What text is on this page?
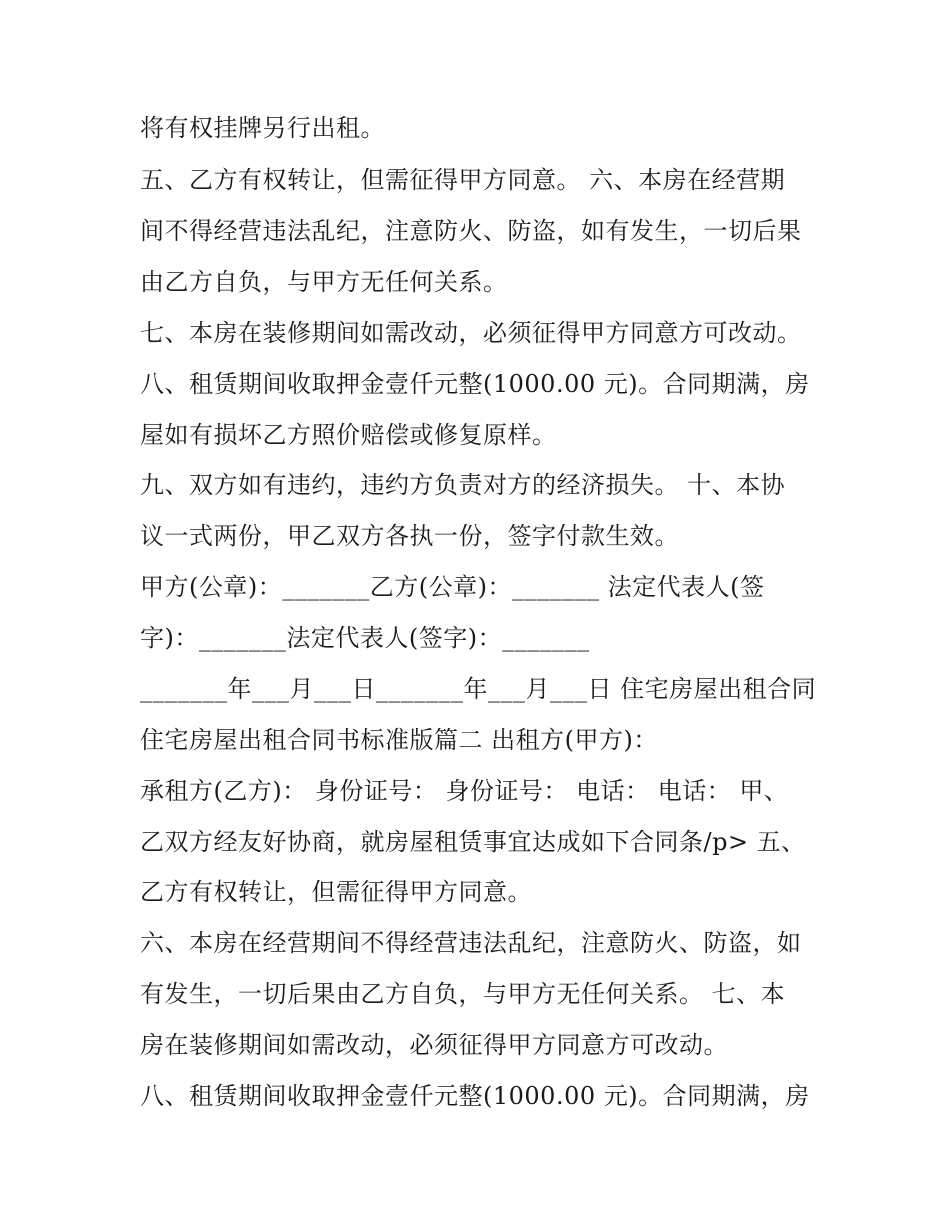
将有权挂牌另行出租。
五、乙方有权转让，但需征得甲方同意。 六、本房在经营期
间不得经营违法乱纪，注意防火、防盗，如有发生，一切后果
由乙方自负，与甲方无任何关系。
七、本房在装修期间如需改动，必须征得甲方同意方可改动。
八、租赁期间收取押金壹仟元整(1000.00 元)。合同期满，房
屋如有损坏乙方照价赔偿或修复原样。
九、双方如有违约，违约方负责对方的经济损失。 十、本协
议一式两份，甲乙双方各执一份，签字付款生效。
甲方(公章)：_______乙方(公章)：_______ 法定代表人(签
字)：_______法定代表人(签字)：_______
_______年___月___日_______年___月___日 住宅房屋出租合同
住宅房屋出租合同书标准版篇二 出租方(甲方)：
承租方(乙方)： 身份证号： 身份证号： 电话： 电话： 甲、
乙双方经友好协商，就房屋租赁事宜达成如下合同条/p> 五、
乙方有权转让，但需征得甲方同意。
六、本房在经营期间不得经营违法乱纪，注意防火、防盗，如
有发生，一切后果由乙方自负，与甲方无任何关系。 七、本
房在装修期间如需改动，必须征得甲方同意方可改动。
八、租赁期间收取押金壹仟元整(1000.00 元)。合同期满，房
